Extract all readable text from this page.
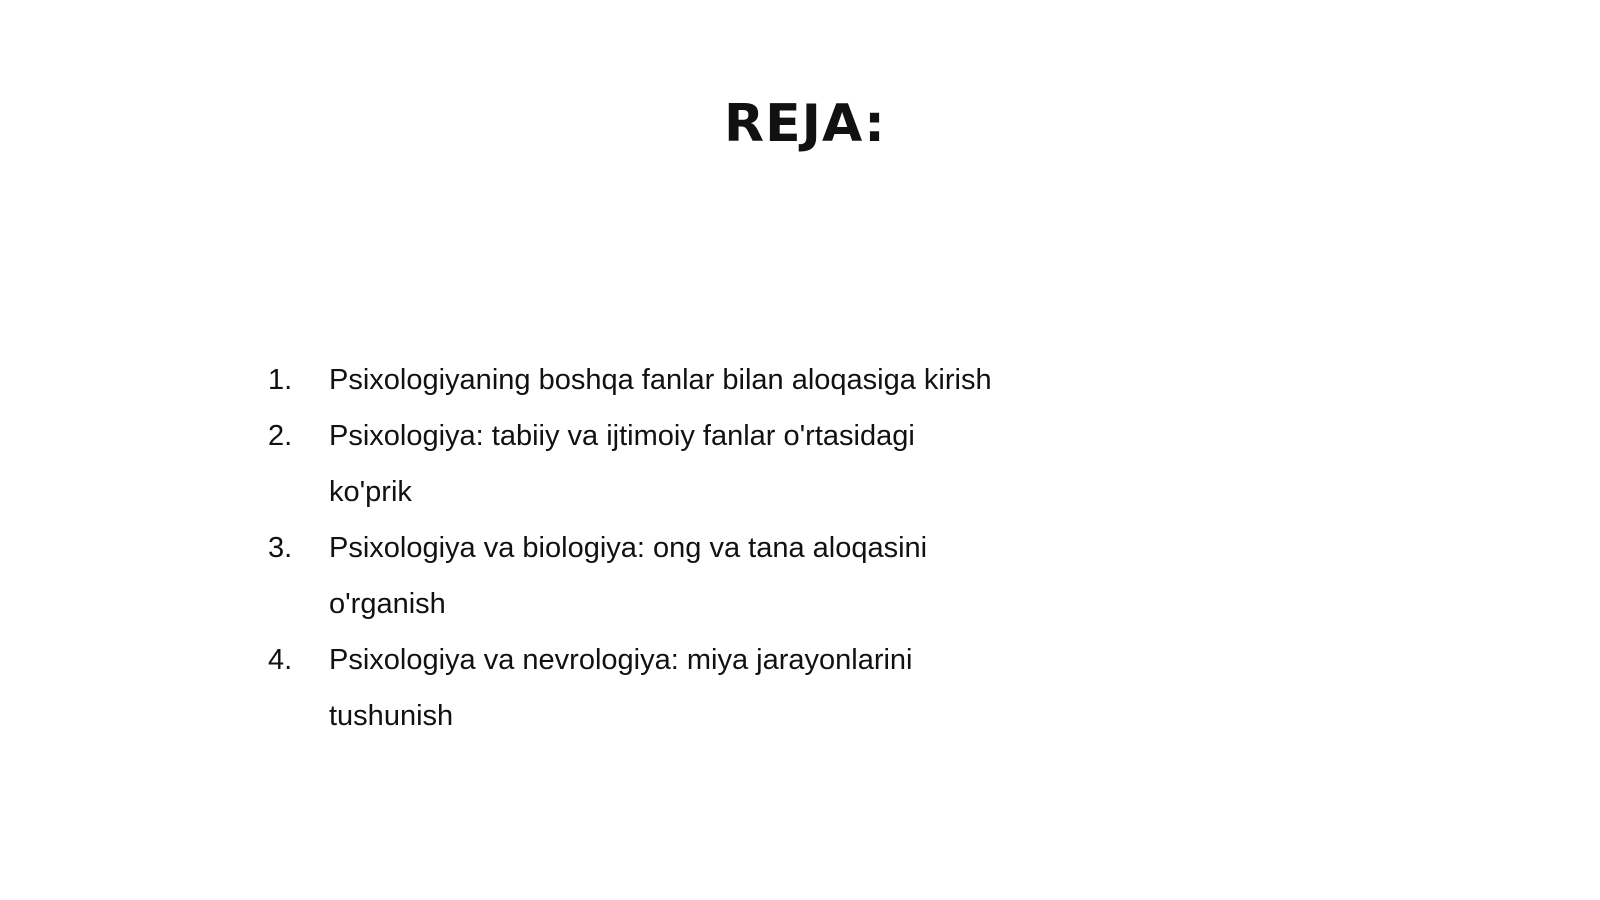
REJA:
1.	Psixologiyaning boshqa fanlar bilan aloqasiga kirish
2.	Psixologiya: tabiiy va ijtimoiy fanlar o'rtasidagi ko'prik
3.	Psixologiya va biologiya: ong va tana aloqasini o'rganish
4.	Psixologiya va nevrologiya: miya jarayonlarini tushunish
